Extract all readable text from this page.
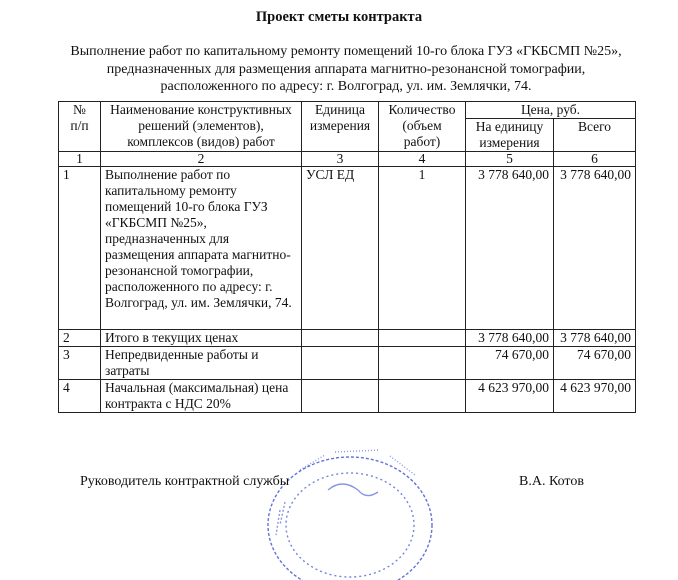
Проект сметы контракта
Выполнение работ по капитальному ремонту помещений 10-го блока ГУЗ «ГКБСМП №25»,
предназначенных для размещения аппарата магнитно-резонансной томографии,
расположенного по адресу: г. Волгоград, ул. им. Землячки, 74.
№ п/п	Наименование конструктивных решений (элементов), комплексов (видов) работ	Единица измерения	Количество (объем работ)	Цена, руб.	
				На единицу измерения	Всего
1	2	3	4	5	6
1	Выполнение работ по капитальному ремонту помещений 10-го блока ГУЗ «ГКБСМП №25», предназначенных для размещения аппарата магнитно-резонансной томографии, расположенного по адресу: г. Волгоград, ул. им. Землячки, 74.	УСЛ ЕД	1	3 778 640,00	3 778 640,00
2	Итого в текущих ценах			3 778 640,00	3 778 640,00
3	Непредвиденные работы и затраты			74 670,00	74 670,00
4	Начальная (максимальная) цена контракта с НДС 20%			4 623 970,00	4 623 970,00
Руководитель контрактной службы	В.А. Котов
